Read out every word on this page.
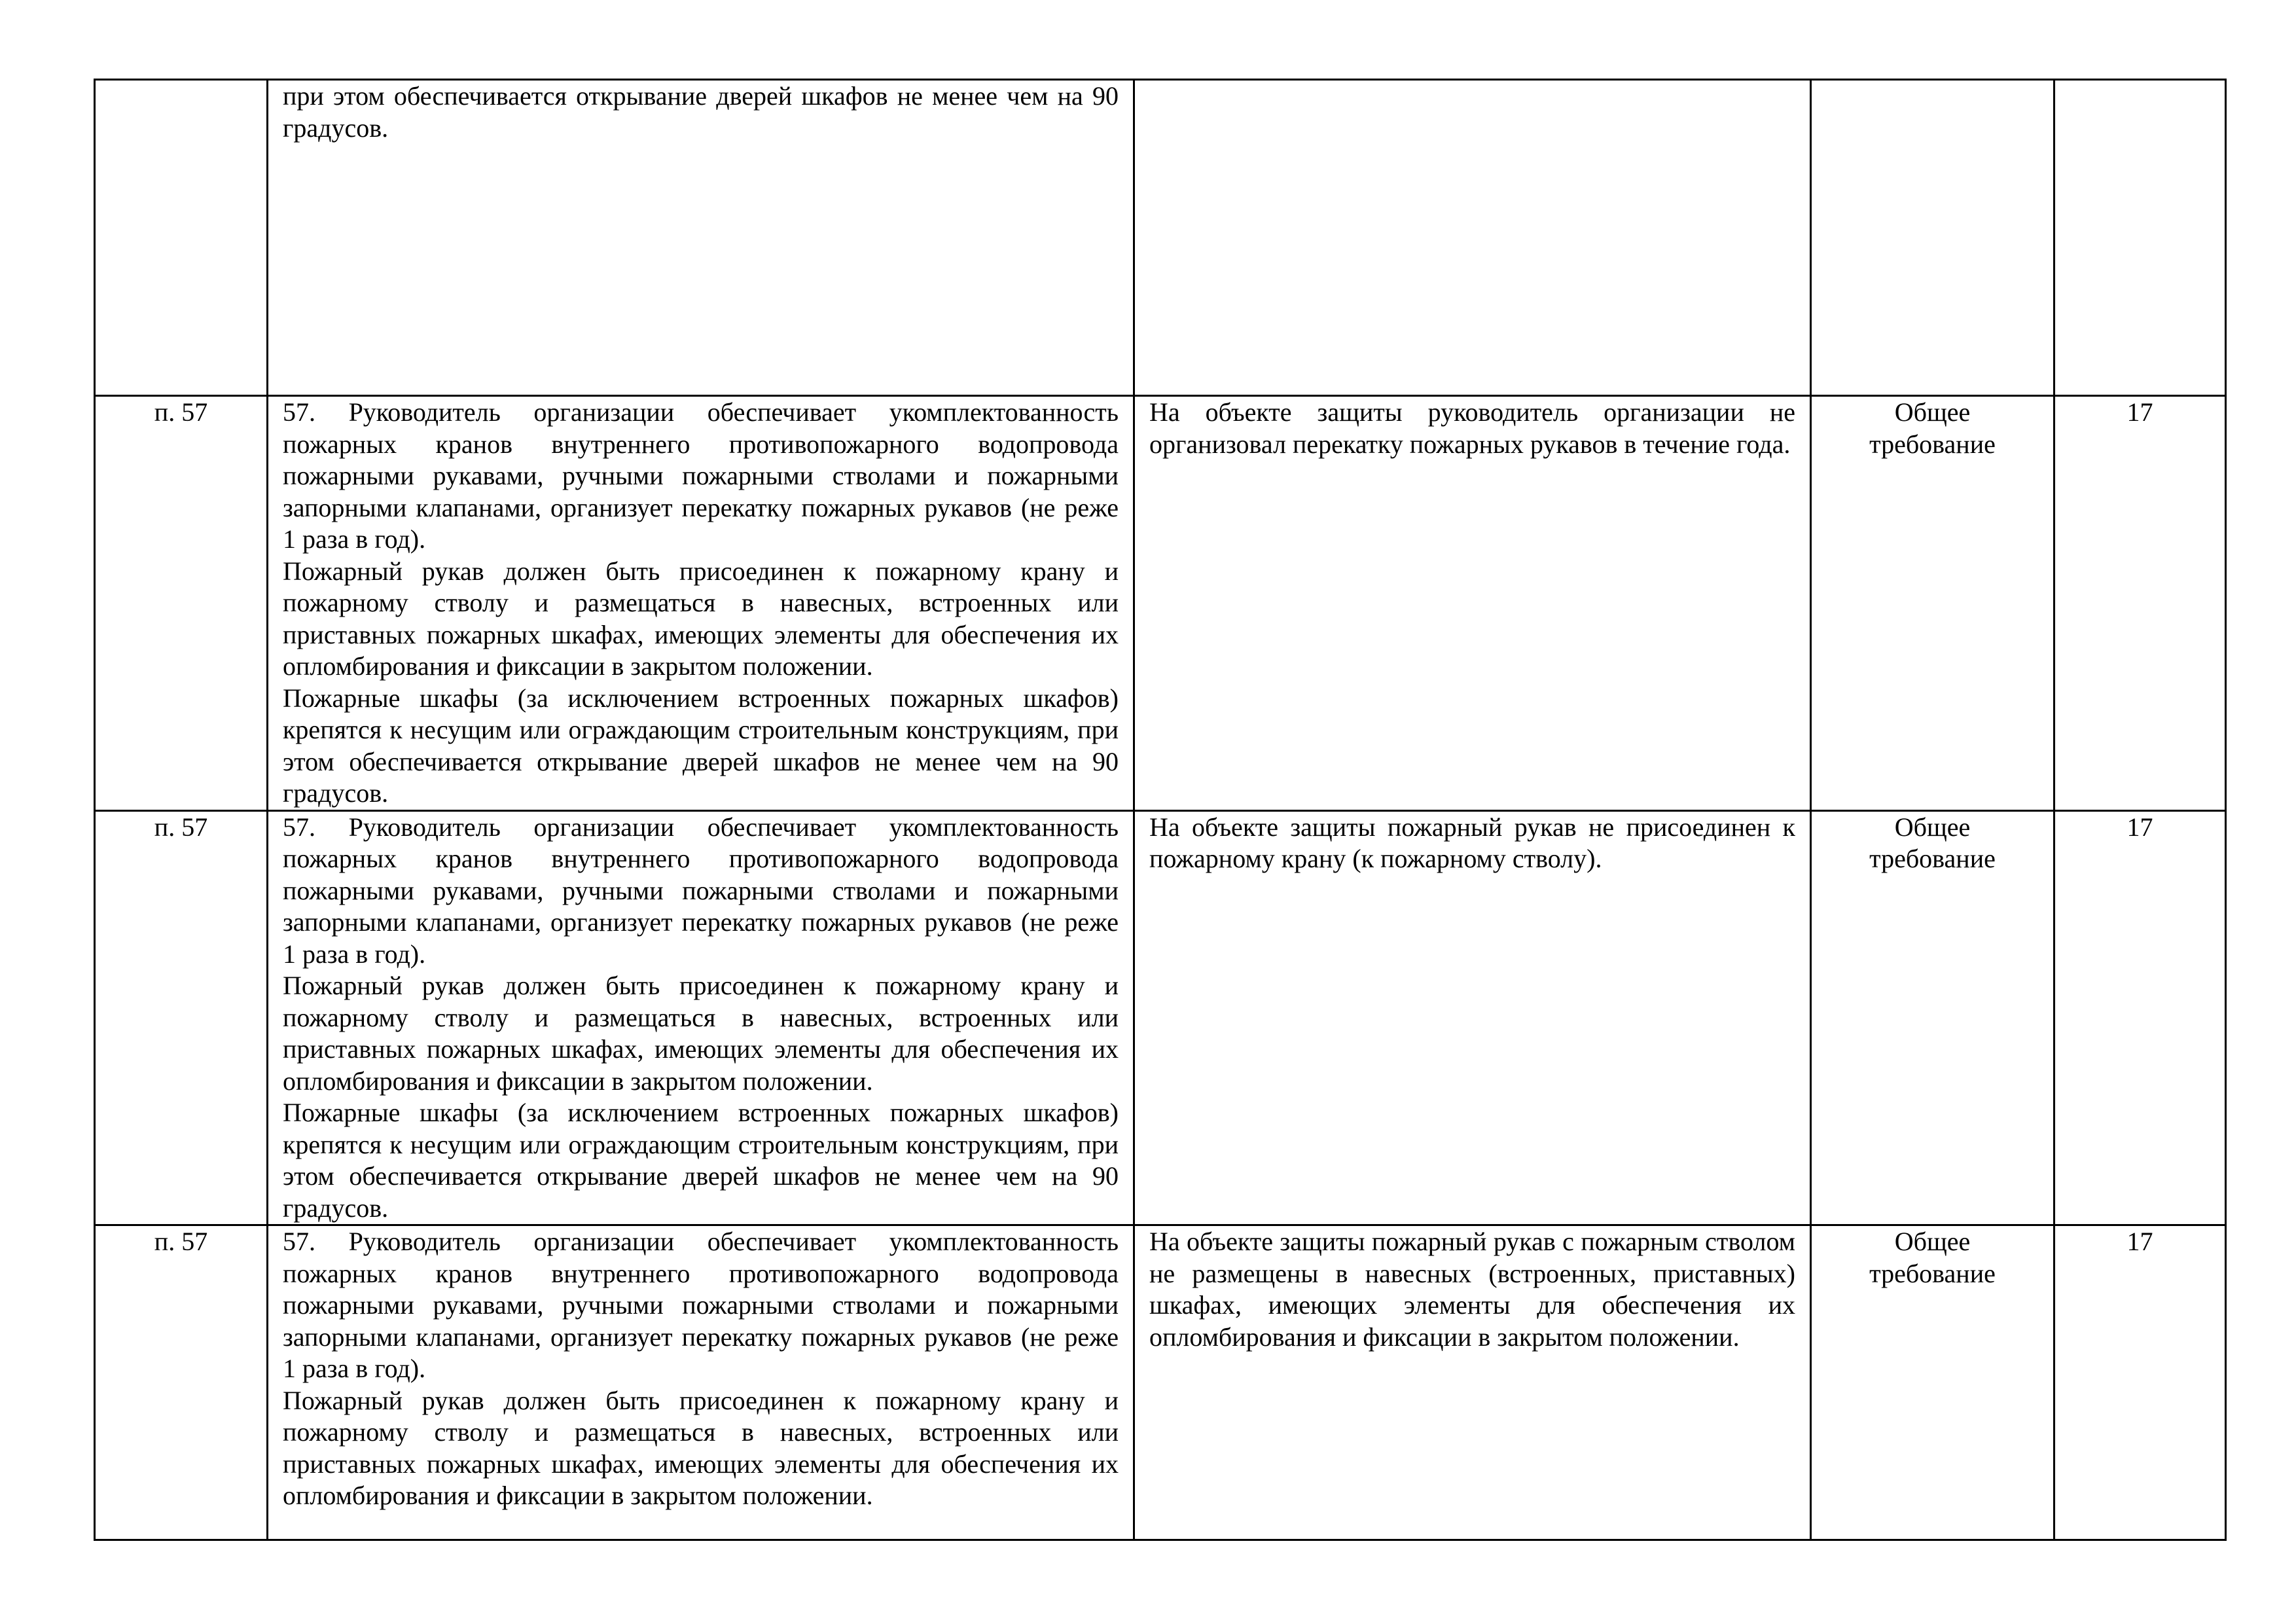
	при этом обеспечивается открывание дверей шкафов не менее чем на 90 градусов.			

п. 57	57. Руководитель организации обеспечивает укомплектованность пожарных кранов внутреннего противопожарного водопровода пожарными рукавами, ручными пожарными стволами и пожарными запорными клапанами, организует перекатку пожарных рукавов (не реже 1 раза в год).

Пожарный рукав должен быть присоединен к пожарному крану и пожарному стволу и размещаться в навесных, встроенных или приставных пожарных шкафах, имеющих элементы для обеспечения их опломбирования и фиксации в закрытом положении.

Пожарные шкафы (за исключением встроенных пожарных шкафов) крепятся к несущим или ограждающим строительным конструкциям, при этом обеспечивается открывание дверей шкафов не менее чем на 90 градусов.	На объекте защиты руководитель организации не организовал перекатку пожарных рукавов в течение года.	Общее требование	17
п. 57	57. Руководитель организации обеспечивает укомплектованность пожарных кранов внутреннего противопожарного водопровода пожарными рукавами, ручными пожарными стволами и пожарными запорными клапанами, организует перекатку пожарных рукавов (не реже 1 раза в год).

Пожарный рукав должен быть присоединен к пожарному крану и пожарному стволу и размещаться в навесных, встроенных или приставных пожарных шкафах, имеющих элементы для обеспечения их опломбирования и фиксации в закрытом положении.

Пожарные шкафы (за исключением встроенных пожарных шкафов) крепятся к несущим или ограждающим строительным конструкциям, при этом обеспечивается открывание дверей шкафов не менее чем на 90 градусов.	На объекте защиты пожарный рукав не присоединен к пожарному крану (к пожарному стволу).	Общее требование	17
п. 57	57. Руководитель организации обеспечивает укомплектованность пожарных кранов внутреннего противопожарного водопровода пожарными рукавами, ручными пожарными стволами и пожарными запорными клапанами, организует перекатку пожарных рукавов (не реже 1 раза в год).

Пожарный рукав должен быть присоединен к пожарному крану и пожарному стволу и размещаться в навесных, встроенных или приставных пожарных шкафах, имеющих элементы для обеспечения их опломбирования и фиксации в закрытом положении.	На объекте защиты пожарный рукав с пожарным стволом не размещены в навесных (встроенных, приставных) шкафах, имеющих элементы для обеспечения их опломбирования и фиксации в закрытом положении.	Общее требование	17
